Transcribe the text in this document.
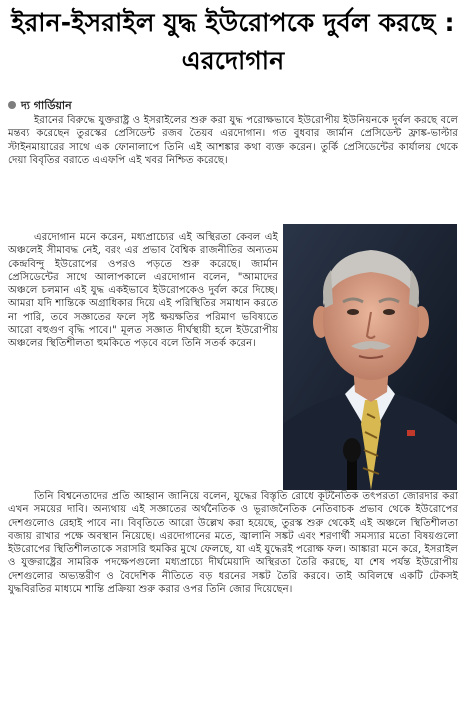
ইরান-ইসরাইল যুদ্ধ ইউরোপকে দুর্বল করছে : এরদোগান
দ্য গার্ডিয়ান
ইরানের বিরুদ্ধে যুক্তরাষ্ট্র ও ইসরাইলের শুরু করা যুদ্ধ পরোক্ষভাবে ইউরোপীয় ইউনিয়নকে দুর্বল করছে বলে মন্তব্য করেছেন তুরস্কের প্রেসিডেন্ট রজব তৈয়ব এরদোগান। গত বুধবার জার্মান প্রেসিডেন্ট ফ্রাঙ্ক-ভাল্টার স্টাইনমায়ারের সাথে এক ফোনালাপে তিনি এই আশঙ্কার কথা ব্যক্ত করেন। তুর্কি প্রেসিডেন্টের কার্যালয় থেকে দেয়া বিবৃতির বরাতে এএফপি এই খবর নিশ্চিত করেছে।
এরদোগান মনে করেন, মধ্যপ্রাচ্যের এই অস্থিরতা কেবল এই অঞ্চলেই সীমাবদ্ধ নেই, বরং এর প্রভাব বৈশ্বিক রাজনীতির অন্যতম কেন্দ্রবিন্দু ইউরোপের ওপরও পড়তে শুরু করেছে। জার্মান প্রেসিডেন্টের সাথে আলাপকালে এরদোগান বলেন, "আমাদের অঞ্চলে চলমান এই যুদ্ধ একইভাবে ইউরোপকেও দুর্বল করে দিচ্ছে। আমরা যদি শান্তিকে অগ্রাধিকার দিয়ে এই পরিস্থিতির সমাধান করতে না পারি, তবে সজ্ঞাতের ফলে সৃষ্ট ক্ষয়ক্ষতির পরিমাণ ভবিষ্যতে আরো বহুগুণ বৃদ্ধি পাবে।" মূলত সজ্ঞাত দীর্ঘস্থায়ী হলে ইউরোপীয় অঞ্চলের স্থিতিশীলতা হুমকিতে পড়বে বলে তিনি সতর্ক করেন।
তিনি বিশ্বনেতাদের প্রতি আহ্বান জানিয়ে বলেন, যুদ্ধের বিস্তৃতি রোধে কূটনৈতিক তৎপরতা জোরদার করা এখন সময়ের দাবি। অন্যথায় এই সজ্ঞাতের অর্থনৈতিক ও ভূরাজনৈতিক নেতিবাচক প্রভাব থেকে ইউরোপের দেশগুলোও রেহাই পাবে না। বিবৃতিতে আরো উল্লেখ করা হয়েছে, তুরস্ক শুরু থেকেই এই অঞ্চলে স্থিতিশীলতা বজায় রাখার পক্ষে অবস্থান নিয়েছে। এরদোগানের মতে, জ্বালানি সঙ্কট এবং শরণার্থী সমস্যার মতো বিষয়গুলো ইউরোপের স্থিতিশীলতাকে সরাসরি হুমকির মুখে ফেলছে, যা এই যুদ্ধেরই পরোক্ষ ফল। আঙ্কারা মনে করে, ইসরাইল ও যুক্তরাষ্ট্রের সামরিক পদক্ষেপগুলো মধ্যপ্রাচ্যে দীর্ঘমেয়াদি অস্থিরতা তৈরি করছে, যা শেষ পর্যন্ত ইউরোপীয় দেশগুলোর অভ্যন্তরীণ ও বৈদেশিক নীতিতে বড় ধরনের সঙ্কট তৈরি করবে। তাই অবিলম্বে একটি টেকসই যুদ্ধবিরতির মাধ্যমে শান্তি প্রক্রিয়া শুরু করার ওপর তিনি জোর দিয়েছেন।
